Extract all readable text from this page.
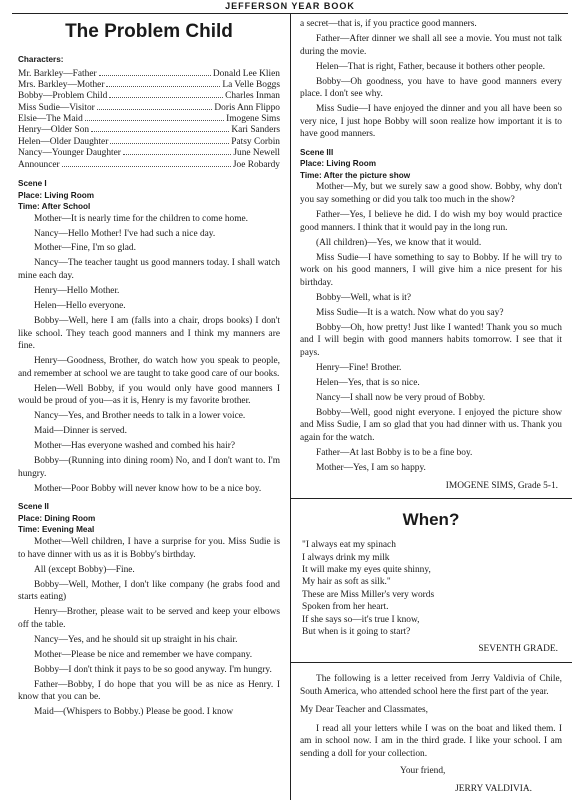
JEFFERSON YEAR BOOK
The Problem Child
Characters:
Mr. Barkley—Father	Donald Lee Klien
Mrs. Barkley—Mother	La Velle Boggs
Bobby—Problem Child	Charles Inman
Miss Sudie—Visitor	Doris Ann Flippo
Elsie—The Maid	Imogene Sims
Henry—Older Son	Kari Sanders
Helen—Older Daughter	Patsy Corbin
Nancy—Younger Daughter	June Newell
Announcer	Joe Robardy
Scene I
Place: Living Room
Time: After School

Mother—It is nearly time for the children to come home.

Nancy—Hello Mother! I've had such a nice day.

Mother—Fine, I'm so glad.

Nancy—The teacher taught us good manners today. I shall watch mine each day.

Henry—Hello Mother.

Helen—Hello everyone.

Bobby—Well, here I am (falls into a chair, drops books) I don't like school. They teach good manners and I think my manners are fine.

Henry—Goodness, Brother, do watch how you speak to people, and remember at school we are taught to take good care of our books.

Helen—Well Bobby, if you would only have good manners I would be proud of you—as it is, Henry is my favorite brother.

Nancy—Yes, and Brother needs to talk in a lower voice.

Maid—Dinner is served.

Mother—Has everyone washed and combed his hair?

Bobby—(Running into dining room) No, and I don't want to. I'm hungry.

Mother—Poor Bobby will never know how to be a nice boy.

Scene II
Place: Dining Room
Time: Evening Meal

Mother—Well children, I have a surprise for you. Miss Sudie is to have dinner with us as it is Bobby's birthday.

All (except Bobby)—Fine.

Bobby—Well, Mother, I don't like company (he grabs food and starts eating)

Henry—Brother, please wait to be served and keep your elbows off the table.

Nancy—Yes, and he should sit up straight in his chair.

Mother—Please be nice and remember we have company.

Bobby—I don't think it pays to be so good anyway. I'm hungry.

Father—Bobby, I do hope that you will be as nice as Henry. I know that you can be.

Maid—(Whispers to Bobby.) Please be good. I know

a secret—that is, if you practice good manners.

Father—After dinner we shall all see a movie. You must not talk during the movie.

Helen—That is right, Father, because it bothers other people.

Bobby—Oh goodness, you have to have good manners every place. I don't see why.

Miss Sudie—I have enjoyed the dinner and you all have been so very nice, I just hope Bobby will soon realize how important it is to have good manners.

Scene III
Place: Living Room
Time: After the picture show

Mother—My, but we surely saw a good show. Bobby, why don't you say something or did you talk too much in the show?

Father—Yes, I believe he did. I do wish my boy would practice good manners. I think that it would pay in the long run.

(All children)—Yes, we know that it would.

Miss Sudie—I have something to say to Bobby. If he will try to work on his good manners, I will give him a nice present for his birthday.

Bobby—Well, what is it?

Miss Sudie—It is a watch. Now what do you say?

Bobby—Oh, how pretty! Just like I wanted! Thank you so much and I will begin with good manners habits tomorrow. I see that it pays.

Henry—Fine! Brother.

Helen—Yes, that is so nice.

Nancy—I shall now be very proud of Bobby.

Bobby—Well, good night everyone. I enjoyed the picture show and Miss Sudie, I am so glad that you had dinner with us. Thank you again for the watch.

Father—At last Bobby is to be a fine boy.

Mother—Yes, I am so happy.

IMOGENE SIMS, Grade 5-1.
When?
"I always eat my spinach
I always drink my milk
It will make my eyes quite shinny,
My hair as soft as silk."
These are Miss Miller's very words
Spoken from her heart.
If she says so—it's true I know,
But when is it going to start?
SEVENTH GRADE.

The following is a letter received from Jerry Valdivia of Chile, South America, who attended school here the first part of the year.

My Dear Teacher and Classmates,

I read all your letters while I was on the boat and liked them. I am in school now. I am in the third grade. I like your school. I am sending a doll for your collection.

Your friend,
JERRY VALDIVIA.
